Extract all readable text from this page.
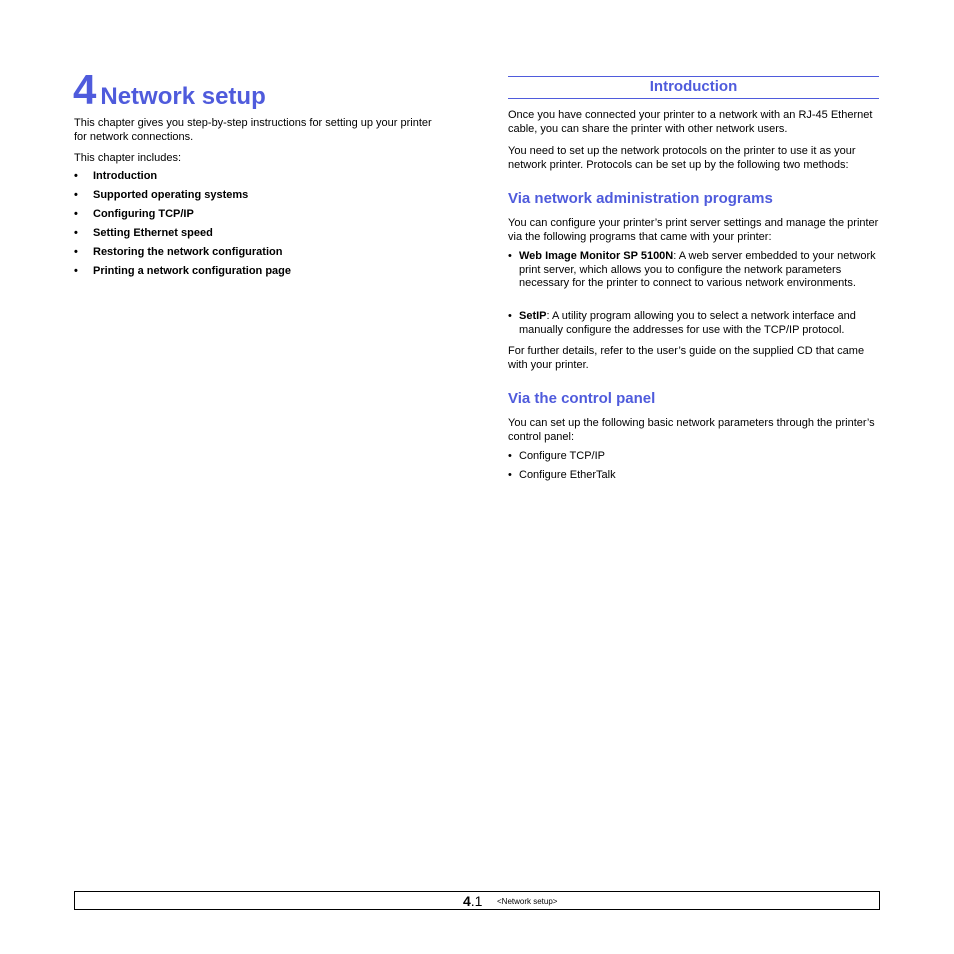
4 Network setup

This chapter gives you step-by-step instructions for setting up your printer for network connections.

This chapter includes:

• Introduction
• Supported operating systems
• Configuring TCP/IP
• Setting Ethernet speed
• Restoring the network configuration
• Printing a network configuration page
Introduction

Once you have connected your printer to a network with an RJ-45 Ethernet cable, you can share the printer with other network users.

You need to set up the network protocols on the printer to use it as your network printer. Protocols can be set up by the following two methods:

Via network administration programs

You can configure your printer’s print server settings and manage the printer via the following programs that came with your printer:

• Web Image Monitor SP 5100N: A web server embedded to your network print server, which allows you to configure the network parameters necessary for the printer to connect to various network environments.
• SetIP: A utility program allowing you to select a network interface and manually configure the addresses for use with the TCP/IP protocol.

For further details, refer to the user’s guide on the supplied CD that came with your printer.

Via the control panel

You can set up the following basic network parameters through the printer’s control panel:

• Configure TCP/IP
• Configure EtherTalk
4.1 <Network setup>
